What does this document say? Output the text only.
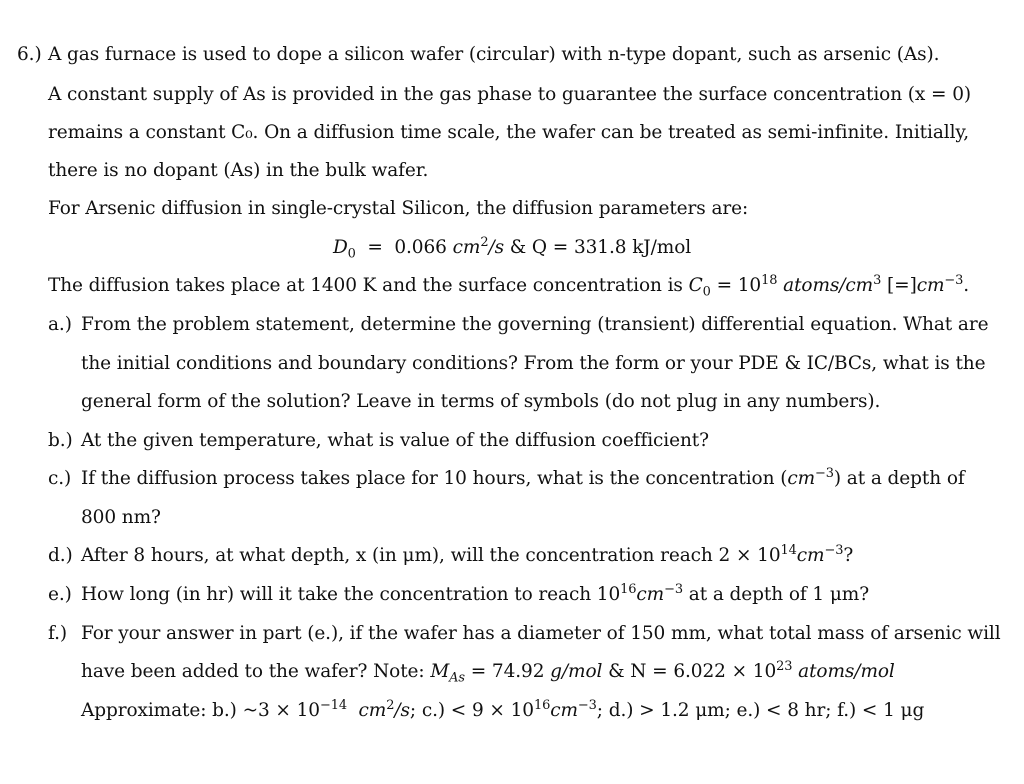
6.) A gas furnace is used to dope a silicon wafer (circular) with n-type dopant, such as arsenic (As).
A constant supply of As is provided in the gas phase to guarantee the surface concentration (x = 0)
remains a constant C₀. On a diffusion time scale, the wafer can be treated as semi-infinite. Initially,
there is no dopant (As) in the bulk wafer.
For Arsenic diffusion in single-crystal Silicon, the diffusion parameters are:
$D_0 = 0.066$ $cm^2/s$ & Q = 331.8 kJ/mol
The diffusion takes place at 1400 K and the surface concentration is $C_0 = 10^{18}$ atoms/$cm^3$ $[=]cm^{-3}$.
a.) From the problem statement, determine the governing (transient) differential equation. What are
the initial conditions and boundary conditions? From the form or your PDE & IC/BCs, what is the
general form of the solution? Leave in terms of symbols (do not plug in any numbers).
b.) At the given temperature, what is value of the diffusion coefficient?
c.) If the diffusion process takes place for 10 hours, what is the concentration $(cm^{-3})$ at a depth of
800 nm?
d.) After 8 hours, at what depth, x (in μm), will the concentration reach $2 \times 10^{14}cm^{-3}$?
e.) How long (in hr) will it take the concentration to reach $10^{16}cm^{-3}$ at a depth of 1 μm?
f.) For your answer in part (e.), if the wafer has a diameter of 150 mm, what total mass of arsenic will
have been added to the wafer? Note: $M_{As} = 74.92$ g/mol & $N = 6.022 \times 10^{23}$ atoms/mol
Approximate: b.) ~3 × $10^{-14}$ $cm^2/s$; $c.) < 9 \times 10^{16}cm^{-3}$; d.) > 1.2 μm; e.) < 8 hr; f.) < 1 μg
